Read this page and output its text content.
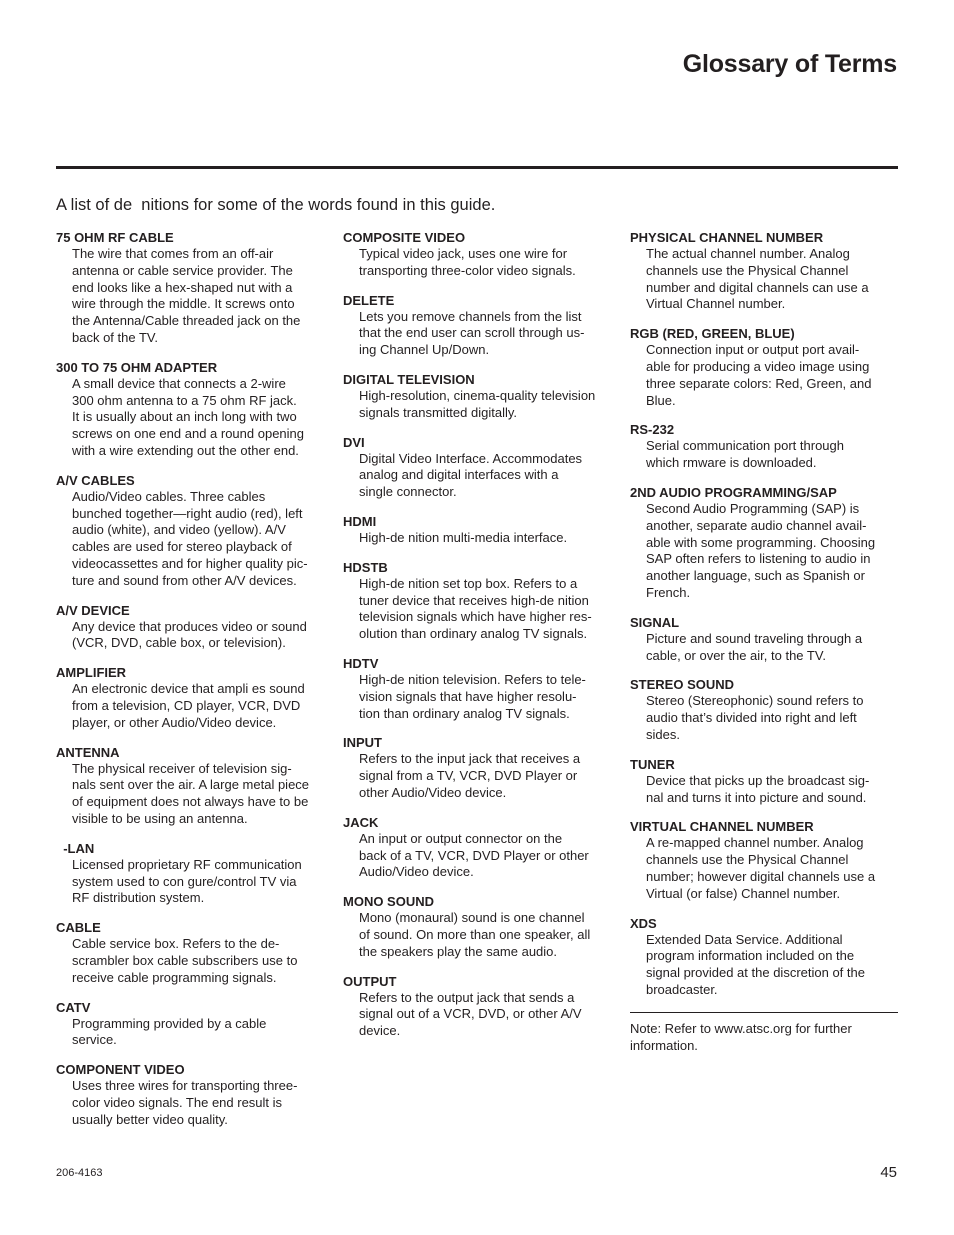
Glossary of Terms

A list of de  nitions for some of the words found in this guide.

75 OHM RF CABLE

The wire that comes from an off-air
antenna or cable service provider. The
end looks like a hex-shaped nut with a
wire through the middle. It screws onto
the Antenna/Cable threaded jack on the
back of the TV.

300 TO 75 OHM ADAPTER

A small device that connects a 2-wire
300 ohm antenna to a 75 ohm RF jack.
It is usually about an inch long with two
screws on one end and a round opening
with a wire extending out the other end.

A/V CABLES

Audio/Video cables. Three cables
bunched together—right audio (red), left
audio (white), and video (yellow). A/V
cables are used for stereo playback of
videocassettes and for higher quality pic-
ture and sound from other A/V devices.

A/V DEVICE

Any device that produces video or sound
(VCR, DVD, cable box, or television).

AMPLIFIER

An electronic device that ampli es sound
from a television, CD player, VCR, DVD
player, or other Audio/Video device.

ANTENNA

The physical receiver of television sig-
nals sent over the air. A large metal piece
of equipment does not always have to be
visible to be using an antenna.

-LAN

Licensed proprietary RF communication
system used to con gure/control TV via
RF distribution system.

CABLE

Cable service box. Refers to the de-
scrambler box cable subscribers use to
receive cable programming signals.

CATV

Programming provided by a cable
service.

COMPONENT VIDEO

Uses three wires for transporting three-
color video signals. The end result is
usually better video quality.

COMPOSITE VIDEO

Typical video jack, uses one wire for
transporting three-color video signals.

DELETE

Lets you remove channels from the list
that the end user can scroll through us-
ing Channel Up/Down.

DIGITAL TELEVISION

High-resolution, cinema-quality television
signals transmitted digitally.

DVI

Digital Video Interface. Accommodates
analog and digital interfaces with a
single connector.

HDMI

High-de nition multi-media interface.

HDSTB

High-de nition set top box. Refers to a
tuner device that receives high-de nition
television signals which have higher res-
olution than ordinary analog TV signals.

HDTV

High-de nition television. Refers to tele-
vision signals that have higher resolu-
tion than ordinary analog TV signals.

INPUT

Refers to the input jack that receives a
signal from a TV, VCR, DVD Player or
other Audio/Video device.

JACK

An input or output connector on the
back of a TV, VCR, DVD Player or other
Audio/Video device.

MONO SOUND

Mono (monaural) sound is one channel
of sound. On more than one speaker, all
the speakers play the same audio.

OUTPUT

Refers to the output jack that sends a
signal out of a VCR, DVD, or other A/V
device.

PHYSICAL CHANNEL NUMBER

The actual channel number. Analog
channels use the Physical Channel
number and digital channels can use a
Virtual Channel number.

RGB (RED, GREEN, BLUE)

Connection input or output port avail-
able for producing a video image using
three separate colors: Red, Green, and
Blue.

RS-232

Serial communication port through
which rmware is downloaded.

2ND AUDIO PROGRAMMING/SAP

Second Audio Programming (SAP) is
another, separate audio channel avail-
able with some programming. Choosing
SAP often refers to listening to audio in
another language, such as Spanish or
French.

SIGNAL

Picture and sound traveling through a
cable, or over the air, to the TV.

STEREO SOUND

Stereo (Stereophonic) sound refers to
audio that’s divided into right and left
sides.

TUNER

Device that picks up the broadcast sig-
nal and turns it into picture and sound.

VIRTUAL CHANNEL NUMBER

A re-mapped channel number. Analog
channels use the Physical Channel
number; however digital channels use a
Virtual (or false) Channel number.

XDS

Extended Data Service. Additional
program information included on the
signal provided at the discretion of the
broadcaster.

Note: Refer to www.atsc.org for further
information.

206-4163	45
